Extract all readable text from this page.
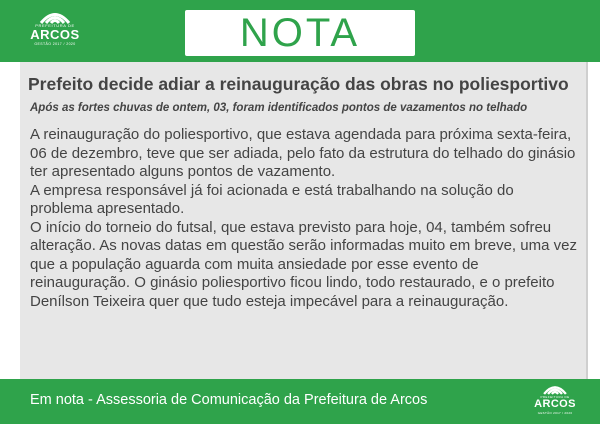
PREFEITURA DE
ARCOS
GESTÃO 2017 / 2020	NOTA
Prefeito decide adiar a reinauguração das obras no poliesportivo
Após as fortes chuvas de ontem, 03, foram identificados pontos de vazamentos no telhado

A reinauguração do poliesportivo, que estava agendada para próxima sexta-feira, 06 de dezembro, teve que ser adiada, pelo fato da estrutura do telhado do ginásio ter apresentado alguns pontos de vazamento.

A empresa responsável já foi acionada e está trabalhando na solução do problema apresentado.

O início do torneio do futsal, que estava previsto para hoje, 04, também sofreu alteração. As novas datas em questão serão informadas muito em breve, uma vez que a população aguarda com muita ansiedade por esse evento de reinauguração. O ginásio poliesportivo ficou lindo, todo restaurado, e o prefeito Denílson Teixeira quer que tudo esteja impecável para a reinauguração.

Em nota - Assessoria de Comunicação da Prefeitura de Arcos	PREFEITURA DE
ARCOS
GESTÃO 2017 / 2020
